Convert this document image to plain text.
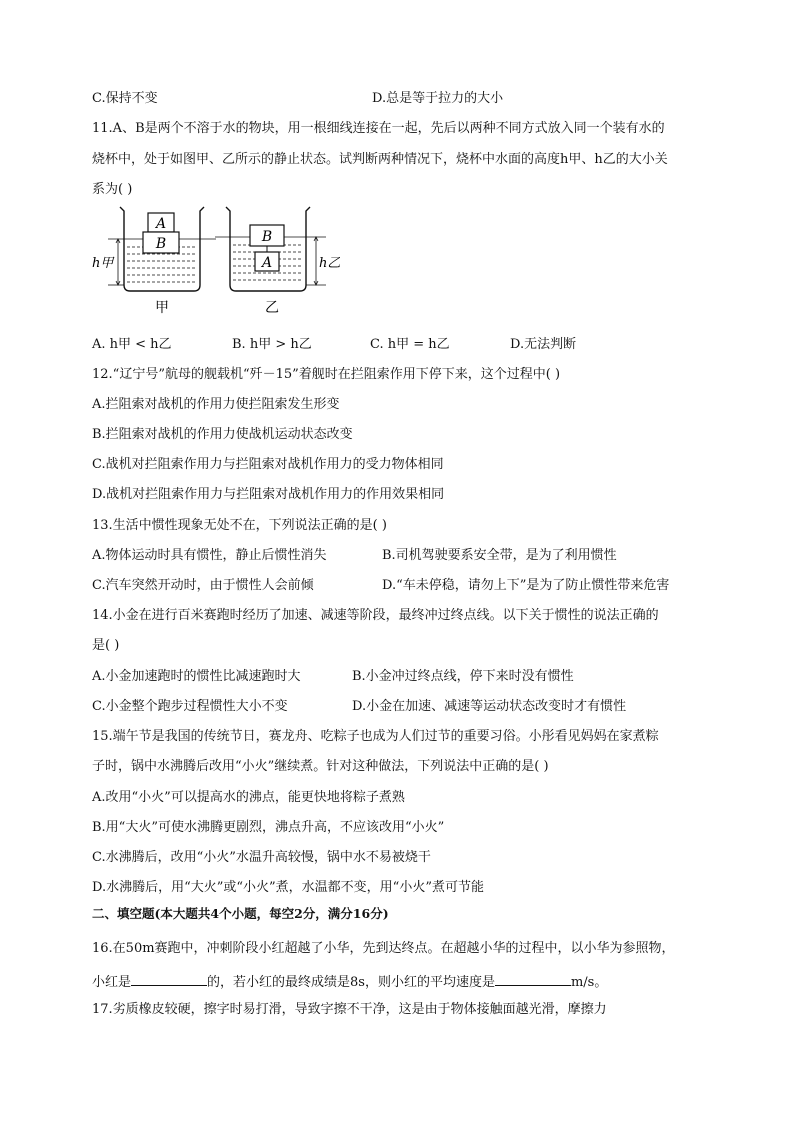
C.保持不变	D.总是等于拉力的大小
11.A、B是两个不溶于水的物块，用一根细线连接在一起，先后以两种不同方式放入同一个装有水的
烧杯中，处于如图甲、乙所示的静止状态。试判断两种情况下，烧杯中水面的高度h甲、h乙的大小关
系为( )
A
B
h甲
甲
B
A	h乙
乙
A. h甲 < h乙	B. h甲 > h乙	C. h甲 = h乙	D.无法判断
12.“辽宁号”航母的舰载机“歼－15”着舰时在拦阻索作用下停下来，这个过程中( )
A.拦阻索对战机的作用力使拦阻索发生形变
B.拦阻索对战机的作用力使战机运动状态改变
C.战机对拦阻索作用力与拦阻索对战机作用力的受力物体相同
D.战机对拦阻索作用力与拦阻索对战机作用力的作用效果相同
13.生活中惯性现象无处不在，下列说法正确的是( )
A.物体运动时具有惯性，静止后惯性消失	B.司机驾驶要系安全带，是为了利用惯性
C.汽车突然开动时，由于惯性人会前倾	D.“车未停稳，请勿上下”是为了防止惯性带来危害
14.小金在进行百米赛跑时经历了加速、减速等阶段，最终冲过终点线。以下关于惯性的说法正确的
是( )
A.小金加速跑时的惯性比减速跑时大	B.小金冲过终点线，停下来时没有惯性
C.小金整个跑步过程惯性大小不变	D.小金在加速、减速等运动状态改变时才有惯性
15.端午节是我国的传统节日，赛龙舟、吃粽子也成为人们过节的重要习俗。小彤看见妈妈在家煮粽
子时，锅中水沸腾后改用“小火”继续煮。针对这种做法，下列说法中正确的是( )
A.改用“小火”可以提高水的沸点，能更快地将粽子煮熟
B.用“大火”可使水沸腾更剧烈，沸点升高，不应该改用“小火”
C.水沸腾后，改用“小火”水温升高较慢，锅中水不易被烧干
D.水沸腾后，用“大火”或“小火”煮，水温都不变，用“小火”煮可节能
二、填空题(本大题共4个小题，每空2分，满分16分)
16.在50m赛跑中，冲刺阶段小红超越了小华，先到达终点。在超越小华的过程中，以小华为参照物，
小红是	的，若小红的最终成绩是8s，则小红的平均速度是	m/s。
17.劣质橡皮较硬，擦字时易打滑，导致字擦不干净，这是由于物体接触面越光滑，摩擦力
